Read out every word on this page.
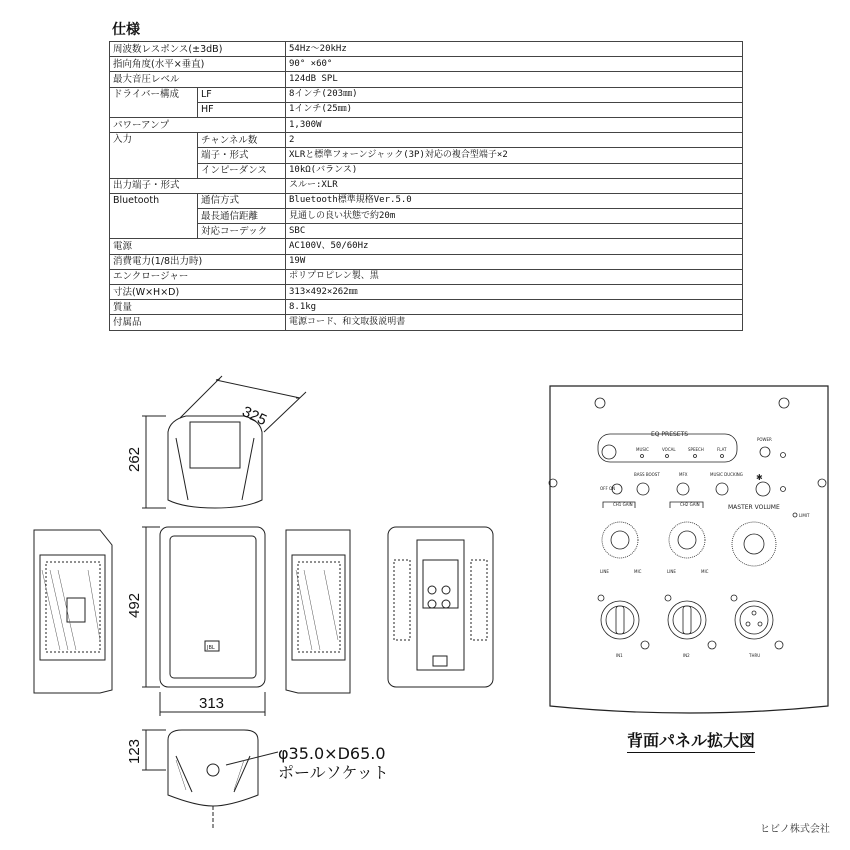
仕様
周波数レスポンス(±3dB)		54Hz～20kHz
指向角度(水平×垂直)		90° ×60°
最大音圧レベル		124dB SPL
ドライバー構成	LF	8インチ(203㎜)
	HF	1インチ(25㎜)
パワーアンプ		1,300W
入力	チャンネル数	2
	端子・形式	XLRと標準フォーンジャック(3P)対応の複合型端子×2
	インピーダンス	10kΩ(バランス)
出力端子・形式		スルー:XLR
Bluetooth	通信方式	Bluetooth標準規格Ver.5.0
	最長通信距離	見通しの良い状態で約20m
	対応コーデック	SBC
電源		AC100V、50/60Hz
消費電力(1/8出力時)		19W
エンクロージャー		ポリプロピレン製、黒
寸法(W×H×D)		313×492×262㎜
質量		8.1kg
付属品		電源コード、和文取扱説明書
325
262
492
313
123
JBL
EQ PRESETS
MUSIC	VOCAL	SPEECH	FLAT
POWER
BASS BOOST	MFX	MUSIC DUCKING
OFF ON
CH1 GAIN	CH2 GAIN	MASTER VOLUME
LIMIT
LINE	MIC	LINE	MIC
IN1	IN2	THRU
✱
背面パネル拡大図
φ35.0×D65.0
ポールソケット
ヒビノ株式会社
